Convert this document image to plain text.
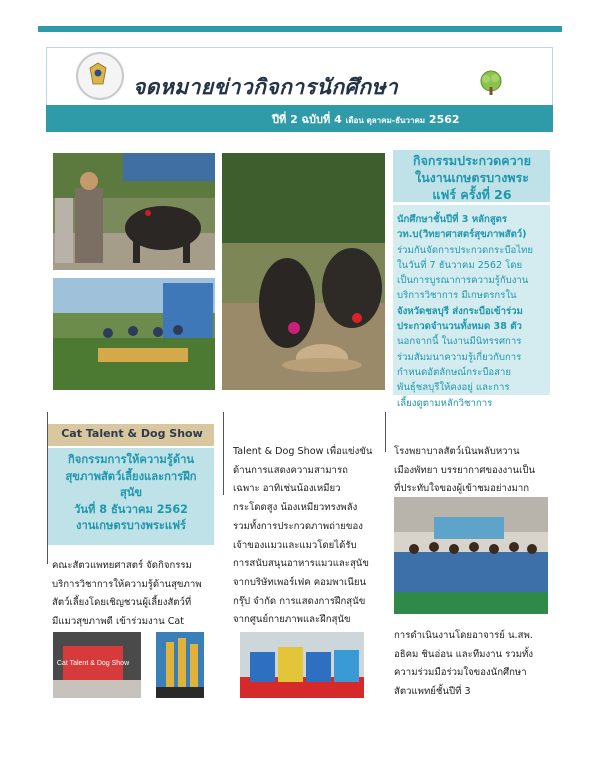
จดหมายข่าวกิจการนักศึกษา
ปีที่ 2 ฉบับที่ 4 เดือน ตุลาคม-ธันวาคม 2562
กิจกรรมประกวดควาย
ในงานเกษตรบางพระ
แฟร์ ครั้งที่ 26
นักศึกษาชั้นปีที่ 3 หลักสูตร
วท.บ(วิทยาศาสตร์สุขภาพสัตว์)
ร่วมกันจัดการประกวดกระบือไทย
ในวันที่ 7 ธันวาคม 2562 โดย
เป็นการบูรณาการความรู้กับงาน
บริการวิชาการ มีเกษตรกรใน
จังหวัดชลบุรี ส่งกระบือเข้าร่วม
ประกวดจำนวนทั้งหมด 38 ตัว
นอกจากนี้ ในงานมีนิทรรศการ
ร่วมสัมมนาความรู้เกี่ยวกับการ
กำหนดอัตลักษณ์กระบือสาย
พันธุ์ชลบุรีให้คงอยู่ และการ
เลี้ยงดูตามหลักวิชาการ
Cat Talent & Dog Show
กิจกรรมการให้ความรู้ด้าน
สุขภาพสัตว์เลี้ยงและการฝึก
สุนัข
วันที่ 8 ธันวาคม 2562
งานเกษตรบางพระแฟร์
คณะสัตวแพทยศาสตร์ จัดกิจกรรม
บริการวิชาการให้ความรู้ด้านสุขภาพ
สัตว์เลี้ยงโดยเชิญชวนผู้เลี้ยงสัตว์ที่
มีแมวสุขภาพดี เข้าร่วมงาน Cat
Talent & Dog Show เพื่อแข่งขัน
ด้านการแสดงความสามารถ
เฉพาะ อาทิเช่นน้องเหมียว
กระโดดสูง น้องเหมียวทรงพลัง
รวมทั้งการประกวดภาพถ่ายของ
เจ้าของแมวและแมวโดยได้รับ
การสนับสนุนอาหารแมวและสุนัข
จากบริษัทเพอร์เฟค คอมพาเนียน
กรุ๊ป จำกัด การแสดงการฝึกสุนัข
จากศูนย์กายภาพและฝึกสุนัข
โรงพยาบาลสัตว์เนินพลับหวาน
เมืองพัทยา บรรยากาศของงานเป็น
ที่ประทับใจของผู้เข้าชมอย่างมาก
การดำเนินงานโดยอาจารย์ น.สพ.
อธิคม ชินอ่อน และทีมงาน รวมทั้ง
ความร่วมมือร่วมใจของนักศึกษา
สัตวแพทย์ชั้นปีที่ 3
Cat Talent & Dog Show
